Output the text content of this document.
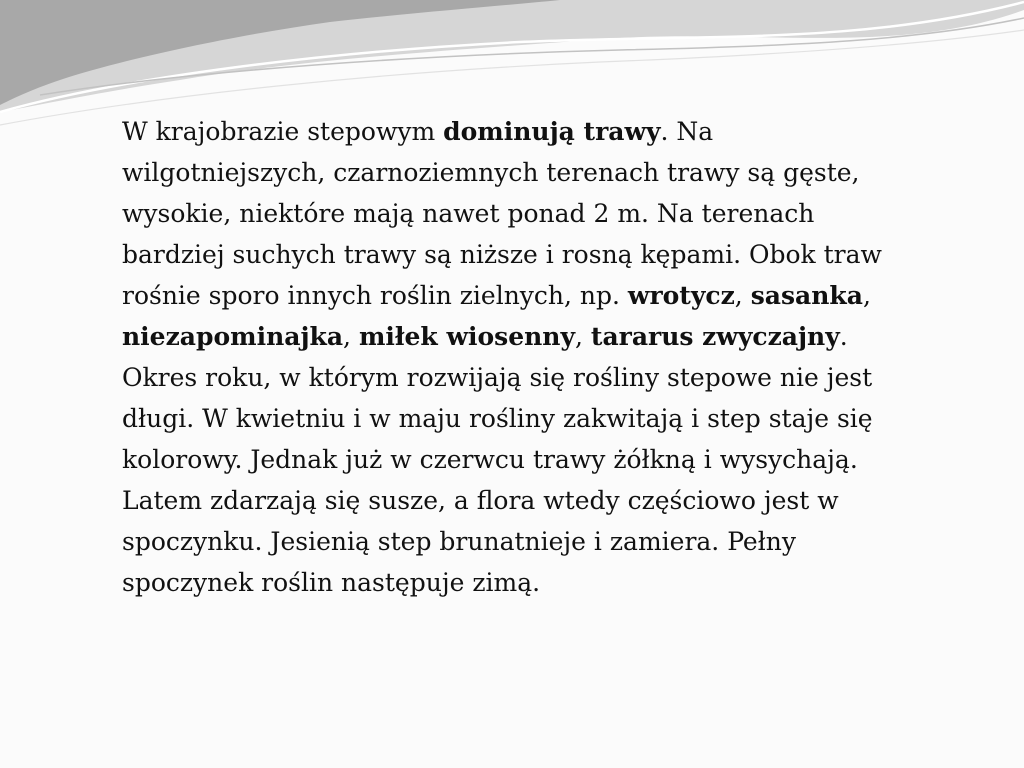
W krajobrazie stepowym dominują trawy. Na wilgotniejszych, czarnoziemnych terenach trawy są gęste, wysokie, niektóre mają nawet ponad 2 m. Na terenach bardziej suchych trawy są niższe i rosną kępami. Obok traw rośnie sporo innych roślin zielnych, np. wrotycz, sasanka, niezapominajka, miłek wiosenny, tararus zwyczajny. Okres roku, w którym rozwijają się rośliny stepowe nie jest długi. W kwietniu i w maju rośliny zakwitają i step staje się kolorowy. Jednak już w czerwcu trawy żółkną i wysychają. Latem zdarzają się susze, a flora wtedy częściowo jest w spoczynku. Jesienią step brunatnieje i zamiera. Pełny spoczynek roślin następuje zimą.
